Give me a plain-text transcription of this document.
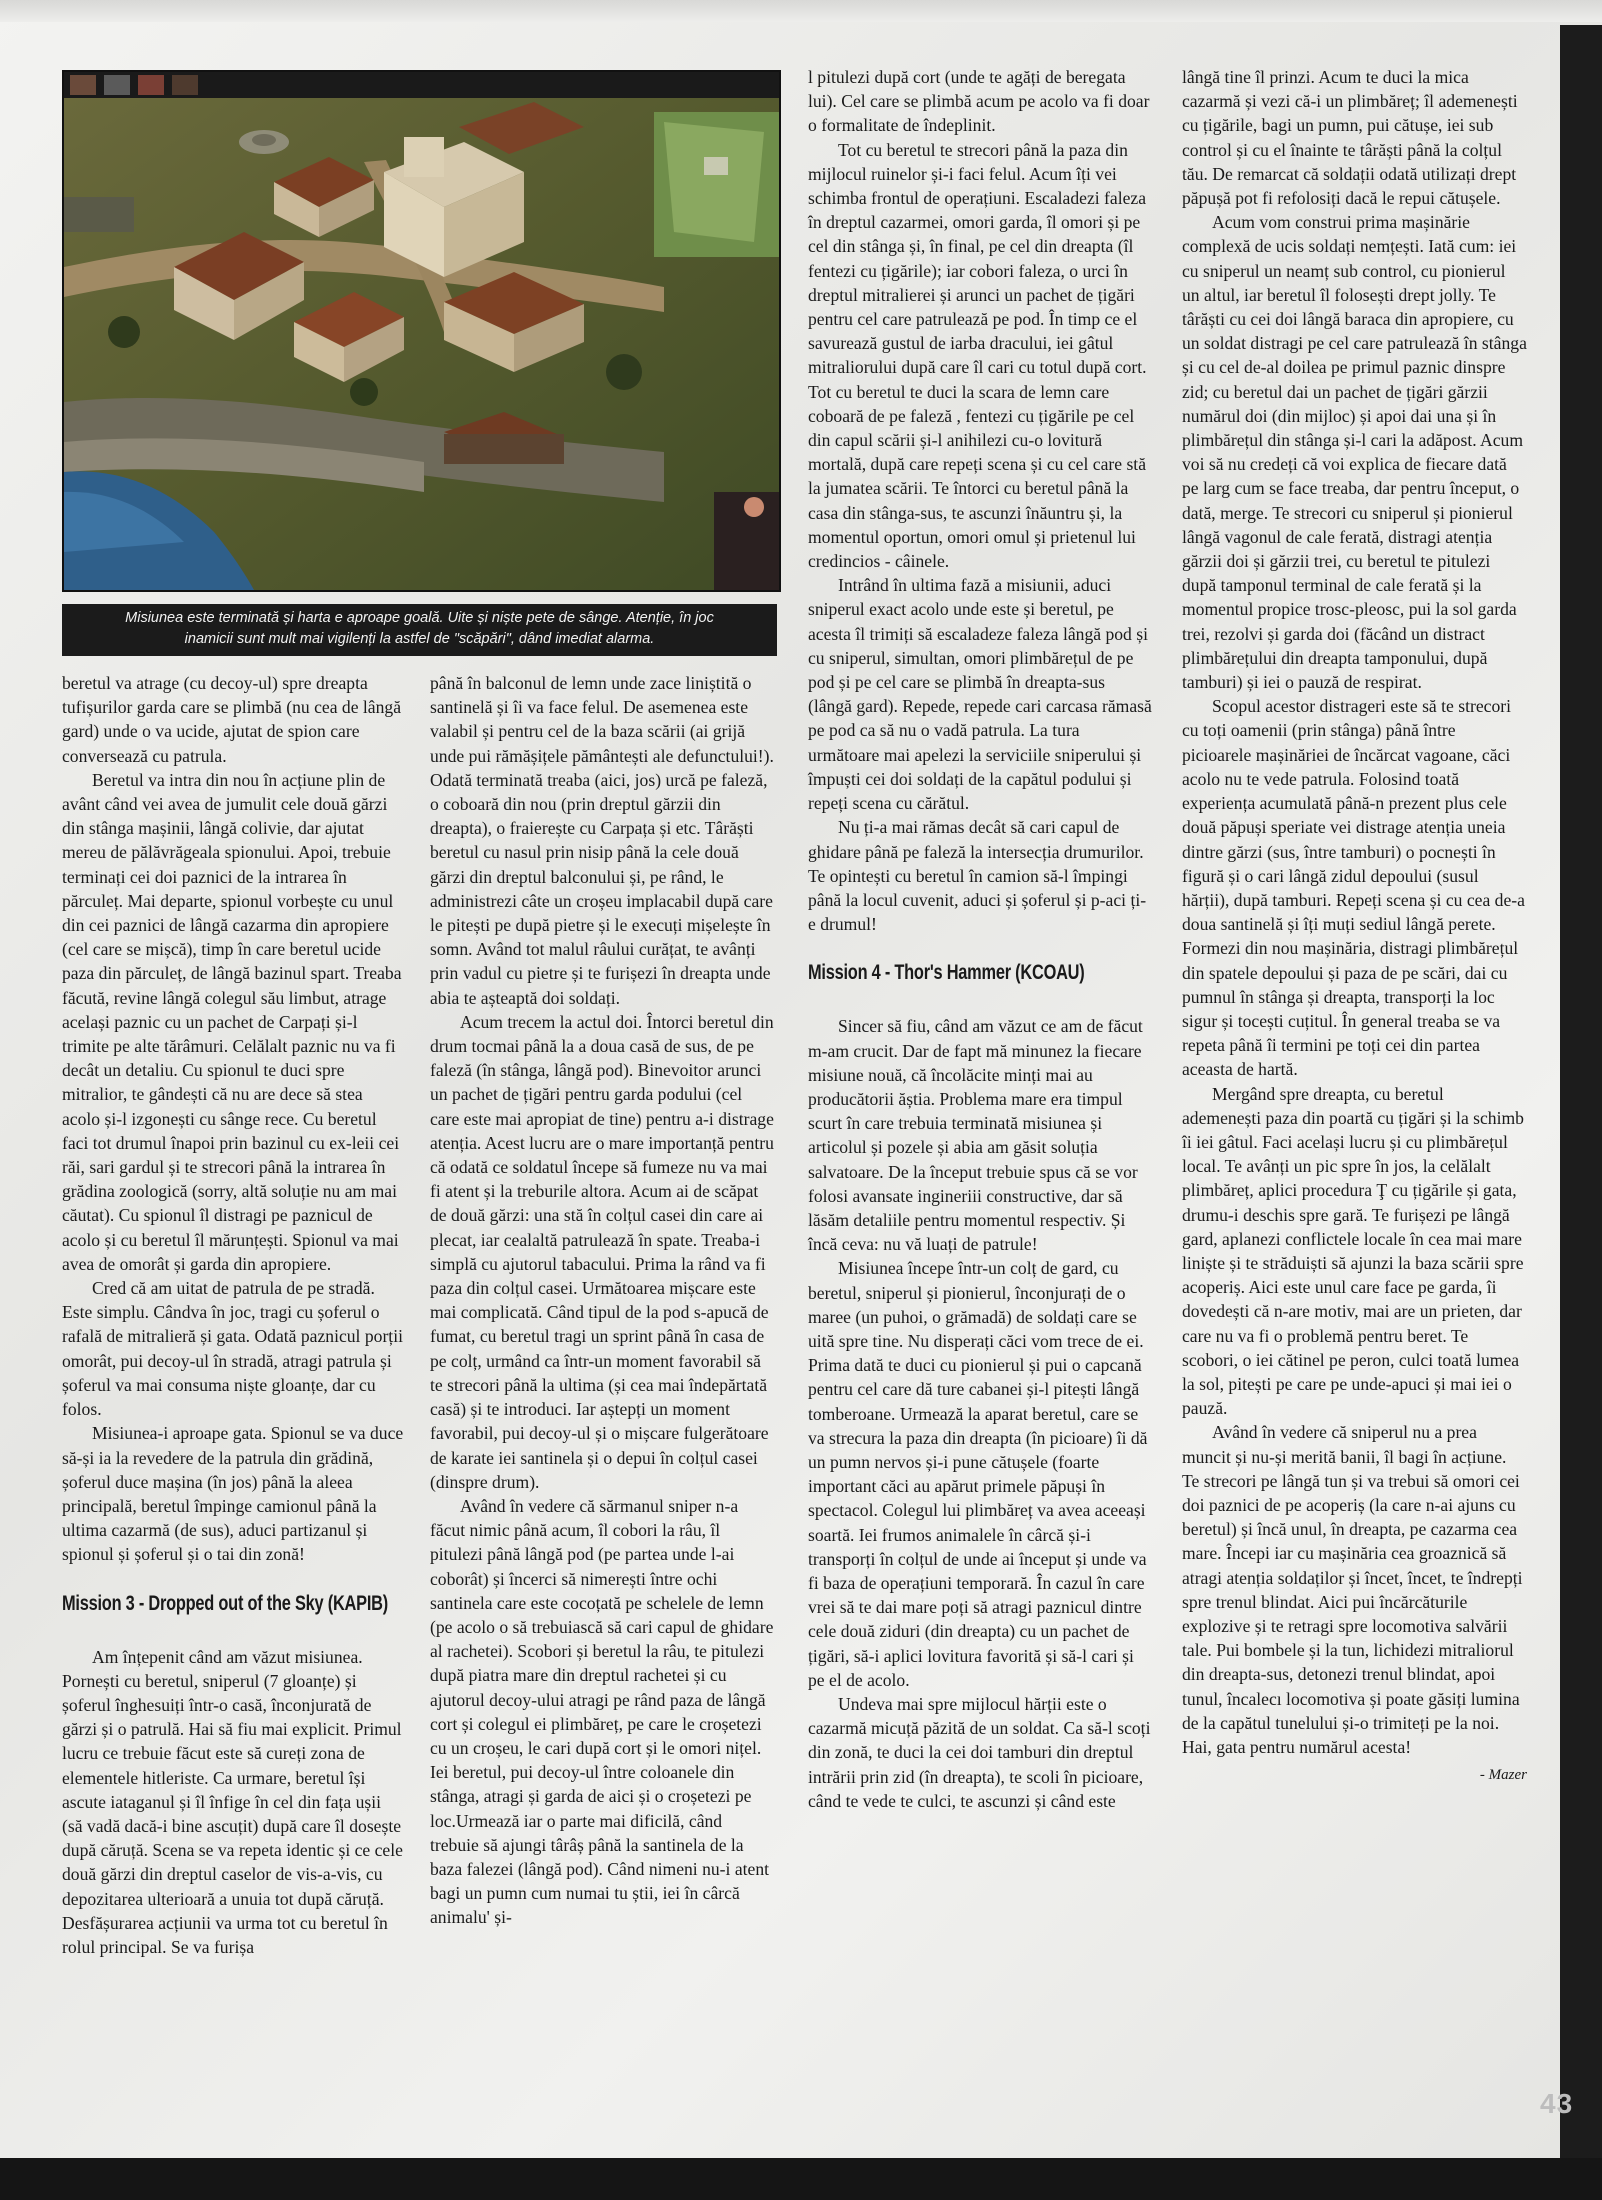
Misiunea este terminată și harta e aproape goală. Uite și niște pete de sânge. Atenție, în joc
inamicii sunt mult mai vigilenți la astfel de "scăpări", dând imediat alarma.

beretul va atrage (cu decoy-ul) spre dreapta tufișurilor garda care se plimbă (nu cea de lângă gard) unde o va ucide, ajutat de spion care conversează cu patrula.

Beretul va intra din nou în acțiune plin de avânt când vei avea de jumulit cele două gărzi din stânga mașinii, lângă colivie, dar ajutat mereu de pălăvrăgeala spionului. Apoi, trebuie terminați cei doi paznici de la intrarea în părculeț. Mai departe, spionul vorbește cu unul din cei paznici de lângă cazarma din apropiere (cel care se mișcă), timp în care beretul ucide paza din părculeț, de lângă bazinul spart. Treaba făcută, revine lângă colegul său limbut, atrage același paznic cu un pachet de Carpați și-l trimite pe alte tărâmuri. Celălalt paznic nu va fi decât un detaliu. Cu spionul te duci spre mitralior, te gândești că nu are dece să stea acolo și-l izgonești cu sânge rece. Cu beretul faci tot drumul înapoi prin bazinul cu ex-leii cei răi, sari gardul și te strecori până la intrarea în grădina zoologică (sorry, altă soluție nu am mai căutat). Cu spionul îl distragi pe paznicul de acolo și cu beretul îl mărunțești. Spionul va mai avea de omorât și garda din apropiere.

Cred că am uitat de patrula de pe stradă. Este simplu. Cândva în joc, tragi cu șoferul o rafală de mitralieră și gata. Odată paznicul porții omorât, pui decoy-ul în stradă, atragi patrula și șoferul va mai consuma niște gloanțe, dar cu folos.

Misiunea-i aproape gata. Spionul se va duce să-și ia la revedere de la patrula din grădină, șoferul duce mașina (în jos) până la aleea principală, beretul împinge camionul până la ultima cazarmă (de sus), aduci partizanul și spionul și șoferul și o tai din zonă!

Mission 3 - Dropped out of the Sky (KAPIB)

Am înțepenit când am văzut misiunea. Pornești cu beretul, sniperul (7 gloanțe) și șoferul înghesuiți într-o casă, înconjurată de gărzi și o patrulă. Hai să fiu mai explicit. Primul lucru ce trebuie făcut este să cureți zona de elementele hitleriste. Ca urmare, beretul își ascute iataganul și îl înfige în cel din fața ușii (să vadă dacă-i bine ascuțit) după care îl dosește după căruță. Scena se va repeta identic și ce cele două gărzi din dreptul caselor de vis-a-vis, cu depozitarea ulterioară a unuia tot după căruță. Desfășurarea acțiunii va urma tot cu beretul în rolul principal. Se va furișa

până în balconul de lemn unde zace liniștită o santinelă și îi va face felul. De asemenea este valabil și pentru cel de la baza scării (ai grijă unde pui rămășițele pământești ale defunctului!). Odată terminată treaba (aici, jos) urcă pe faleză, o coboară din nou (prin dreptul gărzii din dreapta), o fraierește cu Carpața și etc. Târăști beretul cu nasul prin nisip până la cele două gărzi din dreptul balconului și, pe rând, le administrezi câte un croșeu implacabil după care le pitești pe după pietre și le execuți mișelește în somn. Având tot malul râului curățat, te avânți prin vadul cu pietre și te furișezi în dreapta unde abia te așteaptă doi soldați.

Acum trecem la actul doi. Întorci beretul din drum tocmai până la a doua casă de sus, de pe faleză (în stânga, lângă pod). Binevoitor arunci un pachet de țigări pentru garda podului (cel care este mai apropiat de tine) pentru a-i distrage atenția. Acest lucru are o mare importanță pentru că odată ce soldatul începe să fumeze nu va mai fi atent și la treburile altora. Acum ai de scăpat de două gărzi: una stă în colțul casei din care ai plecat, iar cealaltă patrulează în spate. Treaba-i simplă cu ajutorul tabacului. Prima la rând va fi paza din colțul casei. Următoarea mișcare este mai complicată. Când tipul de la pod s-apucă de fumat, cu beretul tragi un sprint până în casa de pe colț, urmând ca într-un moment favorabil să te strecori până la ultima (și cea mai îndepărtată casă) și te introduci. Iar aștepți un moment favorabil, pui decoy-ul și o mișcare fulgerătoare de karate iei santinela și o depui în colțul casei (dinspre drum).

Având în vedere că sărmanul sniper n-a făcut nimic până acum, îl cobori la râu, îl pitulezi până lângă pod (pe partea unde l-ai coborât) și încerci să nimerești între ochi santinela care este cocoțată pe schelele de lemn (pe acolo o să trebuiască să cari capul de ghidare al rachetei). Scobori și beretul la râu, te pitulezi după piatra mare din dreptul rachetei și cu ajutorul decoy-ului atragi pe rând paza de lângă cort și colegul ei plimbăreț, pe care le croșetezi cu un croșeu, le cari după cort și le omori nițel. Iei beretul, pui decoy-ul între coloanele din stânga, atragi și garda de aici și o croșetezi pe loc.Urmează iar o parte mai dificilă, când trebuie să ajungi târâș până la santinela de la baza falezei (lângă pod). Când nimeni nu-i atent bagi un pumn cum numai tu știi, iei în cârcă animalu' și-

l pitulezi după cort (unde te agăți de beregata lui). Cel care se plimbă acum pe acolo va fi doar o formalitate de îndeplinit.

Tot cu beretul te strecori până la paza din mijlocul ruinelor și-i faci felul. Acum îți vei schimba frontul de operațiuni. Escaladezi faleza în dreptul cazarmei, omori garda, îl omori și pe cel din stânga și, în final, pe cel din dreapta (îl fentezi cu țigările); iar cobori faleza, o urci în dreptul mitralierei și arunci un pachet de țigări pentru cel care patrulează pe pod. În timp ce el savurează gustul de iarba dracului, iei gâtul mitraliorului după care îl cari cu totul după cort. Tot cu beretul te duci la scara de lemn care coboară de pe faleză , fentezi cu țigările pe cel din capul scării și-l anihilezi cu-o lovitură mortală, după care repeți scena și cu cel care stă la jumatea scării. Te întorci cu beretul până la casa din stânga-sus, te ascunzi înăuntru și, la momentul oportun, omori omul și prietenul lui credincios - câinele.

Intrând în ultima fază a misiunii, aduci sniperul exact acolo unde este și beretul, pe acesta îl trimiți să escaladeze faleza lângă pod și cu sniperul, simultan, omori plimbărețul de pe pod și pe cel care se plimbă în dreapta-sus (lângă gard). Repede, repede cari carcasa rămasă pe pod ca să nu o vadă patrula. La tura următoare mai apelezi la serviciile sniperului și împuști cei doi soldați de la capătul podului și repeți scena cu cărătul.

Nu ți-a mai rămas decât să cari capul de ghidare până pe faleză la intersecția drumurilor. Te opintești cu beretul în camion să-l împingi până la locul cuvenit, aduci și șoferul și p-aci ți-e drumul!

Mission 4 - Thor's Hammer (KCOAU)

Sincer să fiu, când am văzut ce am de făcut m-am crucit. Dar de fapt mă minunez la fiecare misiune nouă, că încolăcite minți mai au producătorii ăștia. Problema mare era timpul scurt în care trebuia terminată misiunea și articolul și pozele și abia am găsit soluția salvatoare. De la început trebuie spus că se vor folosi avansate ingineriii constructive, dar să lăsăm detaliile pentru momentul respectiv. Și încă ceva: nu vă luați de patrule!

Misiunea începe într-un colț de gard, cu beretul, sniperul și pionierul, înconjurați de o maree (un puhoi, o grămadă) de soldați care se uită spre tine. Nu disperați căci vom trece de ei. Prima dată te duci cu pionierul și pui o capcană pentru cel care dă ture cabanei și-l pitești lângă tomberoane. Urmează la aparat beretul, care se va strecura la paza din dreapta (în picioare) îi dă un pumn nervos și-i pune cătușele (foarte important căci au apărut primele păpuși în spectacol. Colegul lui plimbăreț va avea aceeași soartă. Iei frumos animalele în cârcă și-i transporți în colțul de unde ai început și unde va fi baza de operațiuni temporară. În cazul în care vrei să te dai mare poți să atragi paznicul dintre cele două ziduri (din dreapta) cu un pachet de țigări, să-i aplici lovitura favorită și să-l cari și pe el de acolo.

Undeva mai spre mijlocul hărții este o cazarmă micuță păzită de un soldat. Ca să-l scoți din zonă, te duci la cei doi tamburi din dreptul intrării prin zid (în dreapta), te scoli în picioare, când te vede te culci, te ascunzi și când este

lângă tine îl prinzi. Acum te duci la mica cazarmă și vezi că-i un plimbăreț; îl ademenești cu țigările, bagi un pumn, pui cătușe, iei sub control și cu el înainte te târăști până la colțul tău. De remarcat că soldații odată utilizați drept păpușă pot fi refolosiți dacă le repui cătușele.

Acum vom construi prima mașinărie complexă de ucis soldați nemțești. Iată cum: iei cu sniperul un neamț sub control, cu pionierul un altul, iar beretul îl folosești drept jolly. Te târăști cu cei doi lângă baraca din apropiere, cu un soldat distragi pe cel care patrulează în stânga și cu cel de-al doilea pe primul paznic dinspre zid; cu beretul dai un pachet de țigări gărzii numărul doi (din mijloc) și apoi dai una și în plimbărețul din stânga și-l cari la adăpost. Acum voi să nu credeți că voi explica de fiecare dată pe larg cum se face treaba, dar pentru început, o dată, merge. Te strecori cu sniperul și pionierul lângă vagonul de cale ferată, distragi atenția gărzii doi și gărzii trei, cu beretul te pitulezi după tamponul terminal de cale ferată și la momentul propice trosc-pleosc, pui la sol garda trei, rezolvi și garda doi (făcând un distract plimbărețului din dreapta tamponului, după tamburi) și iei o pauză de respirat.

Scopul acestor distrageri este să te strecori cu toți oamenii (prin stânga) până între picioarele mașinăriei de încărcat vagoane, căci acolo nu te vede patrula. Folosind toată experiența acumulată până-n prezent plus cele două păpuși speriate vei distrage atenția uneia dintre gărzi (sus, între tamburi) o pocnești în figură și o cari lângă zidul depoului (susul hărții), după tamburi. Repeți scena și cu cea de-a doua santinelă și îți muți sediul lângă perete. Formezi din nou mașinăria, distragi plimbărețul din spatele depoului și paza de pe scări, dai cu pumnul în stânga și dreapta, transporți la loc sigur și tocești cuțitul. În general treaba se va repeta până îi termini pe toți cei din partea aceasta de hartă.

Mergând spre dreapta, cu beretul ademenești paza din poartă cu țigări și la schimb îi iei gâtul. Faci același lucru și cu plimbărețul local. Te avânți un pic spre în jos, la celălalt plimbăreț, aplici procedura Ţ cu țigările și gata, drumu-i deschis spre gară. Te furișezi pe lângă gard, aplanezi conflictele locale în cea mai mare liniște și te străduiști să ajunzi la baza scării spre acoperiș. Aici este unul care face pe garda, îi dovedești că n-are motiv, mai are un prieten, dar care nu va fi o problemă pentru beret. Te scobori, o iei cătinel pe peron, culci toată lumea la sol, pitești pe care pe unde-apuci și mai iei o pauză.

Având în vedere că sniperul nu a prea muncit și nu-și merită banii, îl bagi în acțiune. Te strecori pe lângă tun și va trebui să omori cei doi paznici de pe acoperiș (la care n-ai ajuns cu beretul) și încă unul, în dreapta, pe cazarma cea mare. Începi iar cu mașinăria cea groaznică să atragi atenția soldaților și încet, încet, te îndrepți spre trenul blindat. Aici pui încărcăturile explozive și te retragi spre locomotiva salvării tale. Pui bombele și la tun, lichidezi mitraliorul din dreapta-sus, detonezi trenul blindat, apoi tunul, încalecı locomotiva și poate găsiți lumina de la capătul tunelului și-o trimiteți pe la noi. Hai, gata pentru numărul acesta!

- Mazer
43
